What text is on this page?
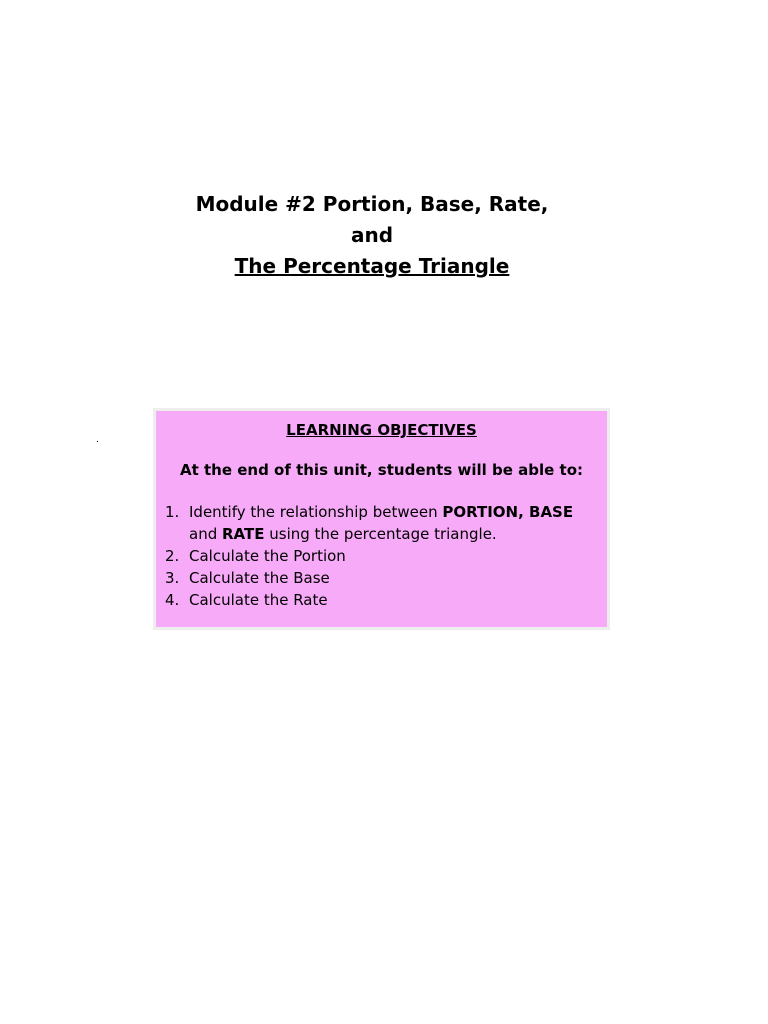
Module #2 Portion, Base, Rate,
and
The Percentage Triangle
.
LEARNING OBJECTIVES
At the end of this unit, students will be able to:
1. Identify the relationship between PORTION, BASE and RATE using the percentage triangle.
2. Calculate the Portion
3. Calculate the Base
4. Calculate the Rate
